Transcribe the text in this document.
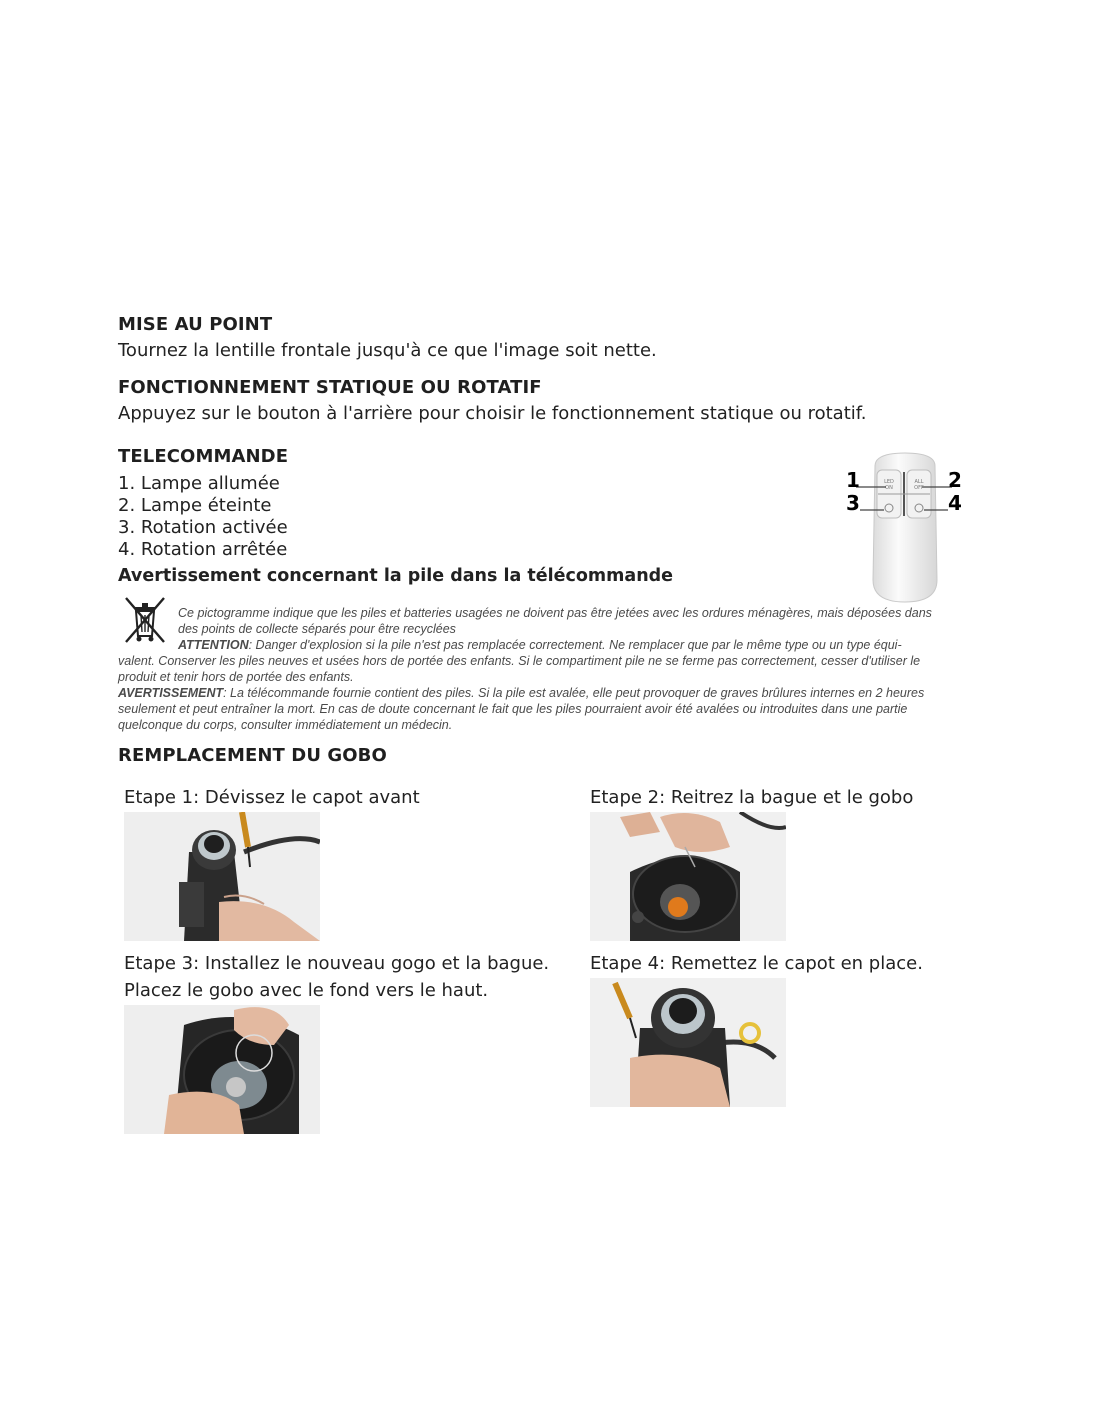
MISE AU POINT
Tournez la lentille frontale jusqu'à ce que l'image soit nette.
FONCTIONNEMENT STATIQUE OU ROTATIF
Appuyez sur le bouton à l'arrière pour choisir le fonctionnement statique ou rotatif.
TELECOMMANDE
1. Lampe allumée
2. Lampe éteinte
3. Rotation activée
4. Rotation arrêtée
LED
ON
ALL
OFF
1	2
3	4
Avertissement concernant la pile dans la télécommande
Ce pictogramme indique que les piles et batteries usagées ne doivent pas être jetées avec les ordures ménagères, mais déposées dans
des points de collecte séparés pour être recyclées
ATTENTION: Danger d'explosion si la pile n'est pas remplacée correctement. Ne remplacer que par le même type ou un type équi-
valent. Conserver les piles neuves et usées hors de portée des enfants. Si le compartiment pile ne se ferme pas correctement, cesser d'utiliser le
produit et tenir hors de portée des enfants.
AVERTISSEMENT: La télécommande fournie contient des piles. Si la pile est avalée, elle peut provoquer de graves brûlures internes en 2 heures
seulement et peut entraîner la mort. En cas de doute concernant le fait que les piles pourraient avoir été avalées ou introduites dans une partie
quelconque du corps, consulter immédiatement un médecin.
REMPLACEMENT DU GOBO
Etape 1: Dévissez le capot avant	Etape 2: Reitrez la bague et le gobo
Etape 3: Installez le nouveau gogo et la bague.
Placez le gobo avec le fond vers le haut.
Etape 4: Remettez le capot en place.
